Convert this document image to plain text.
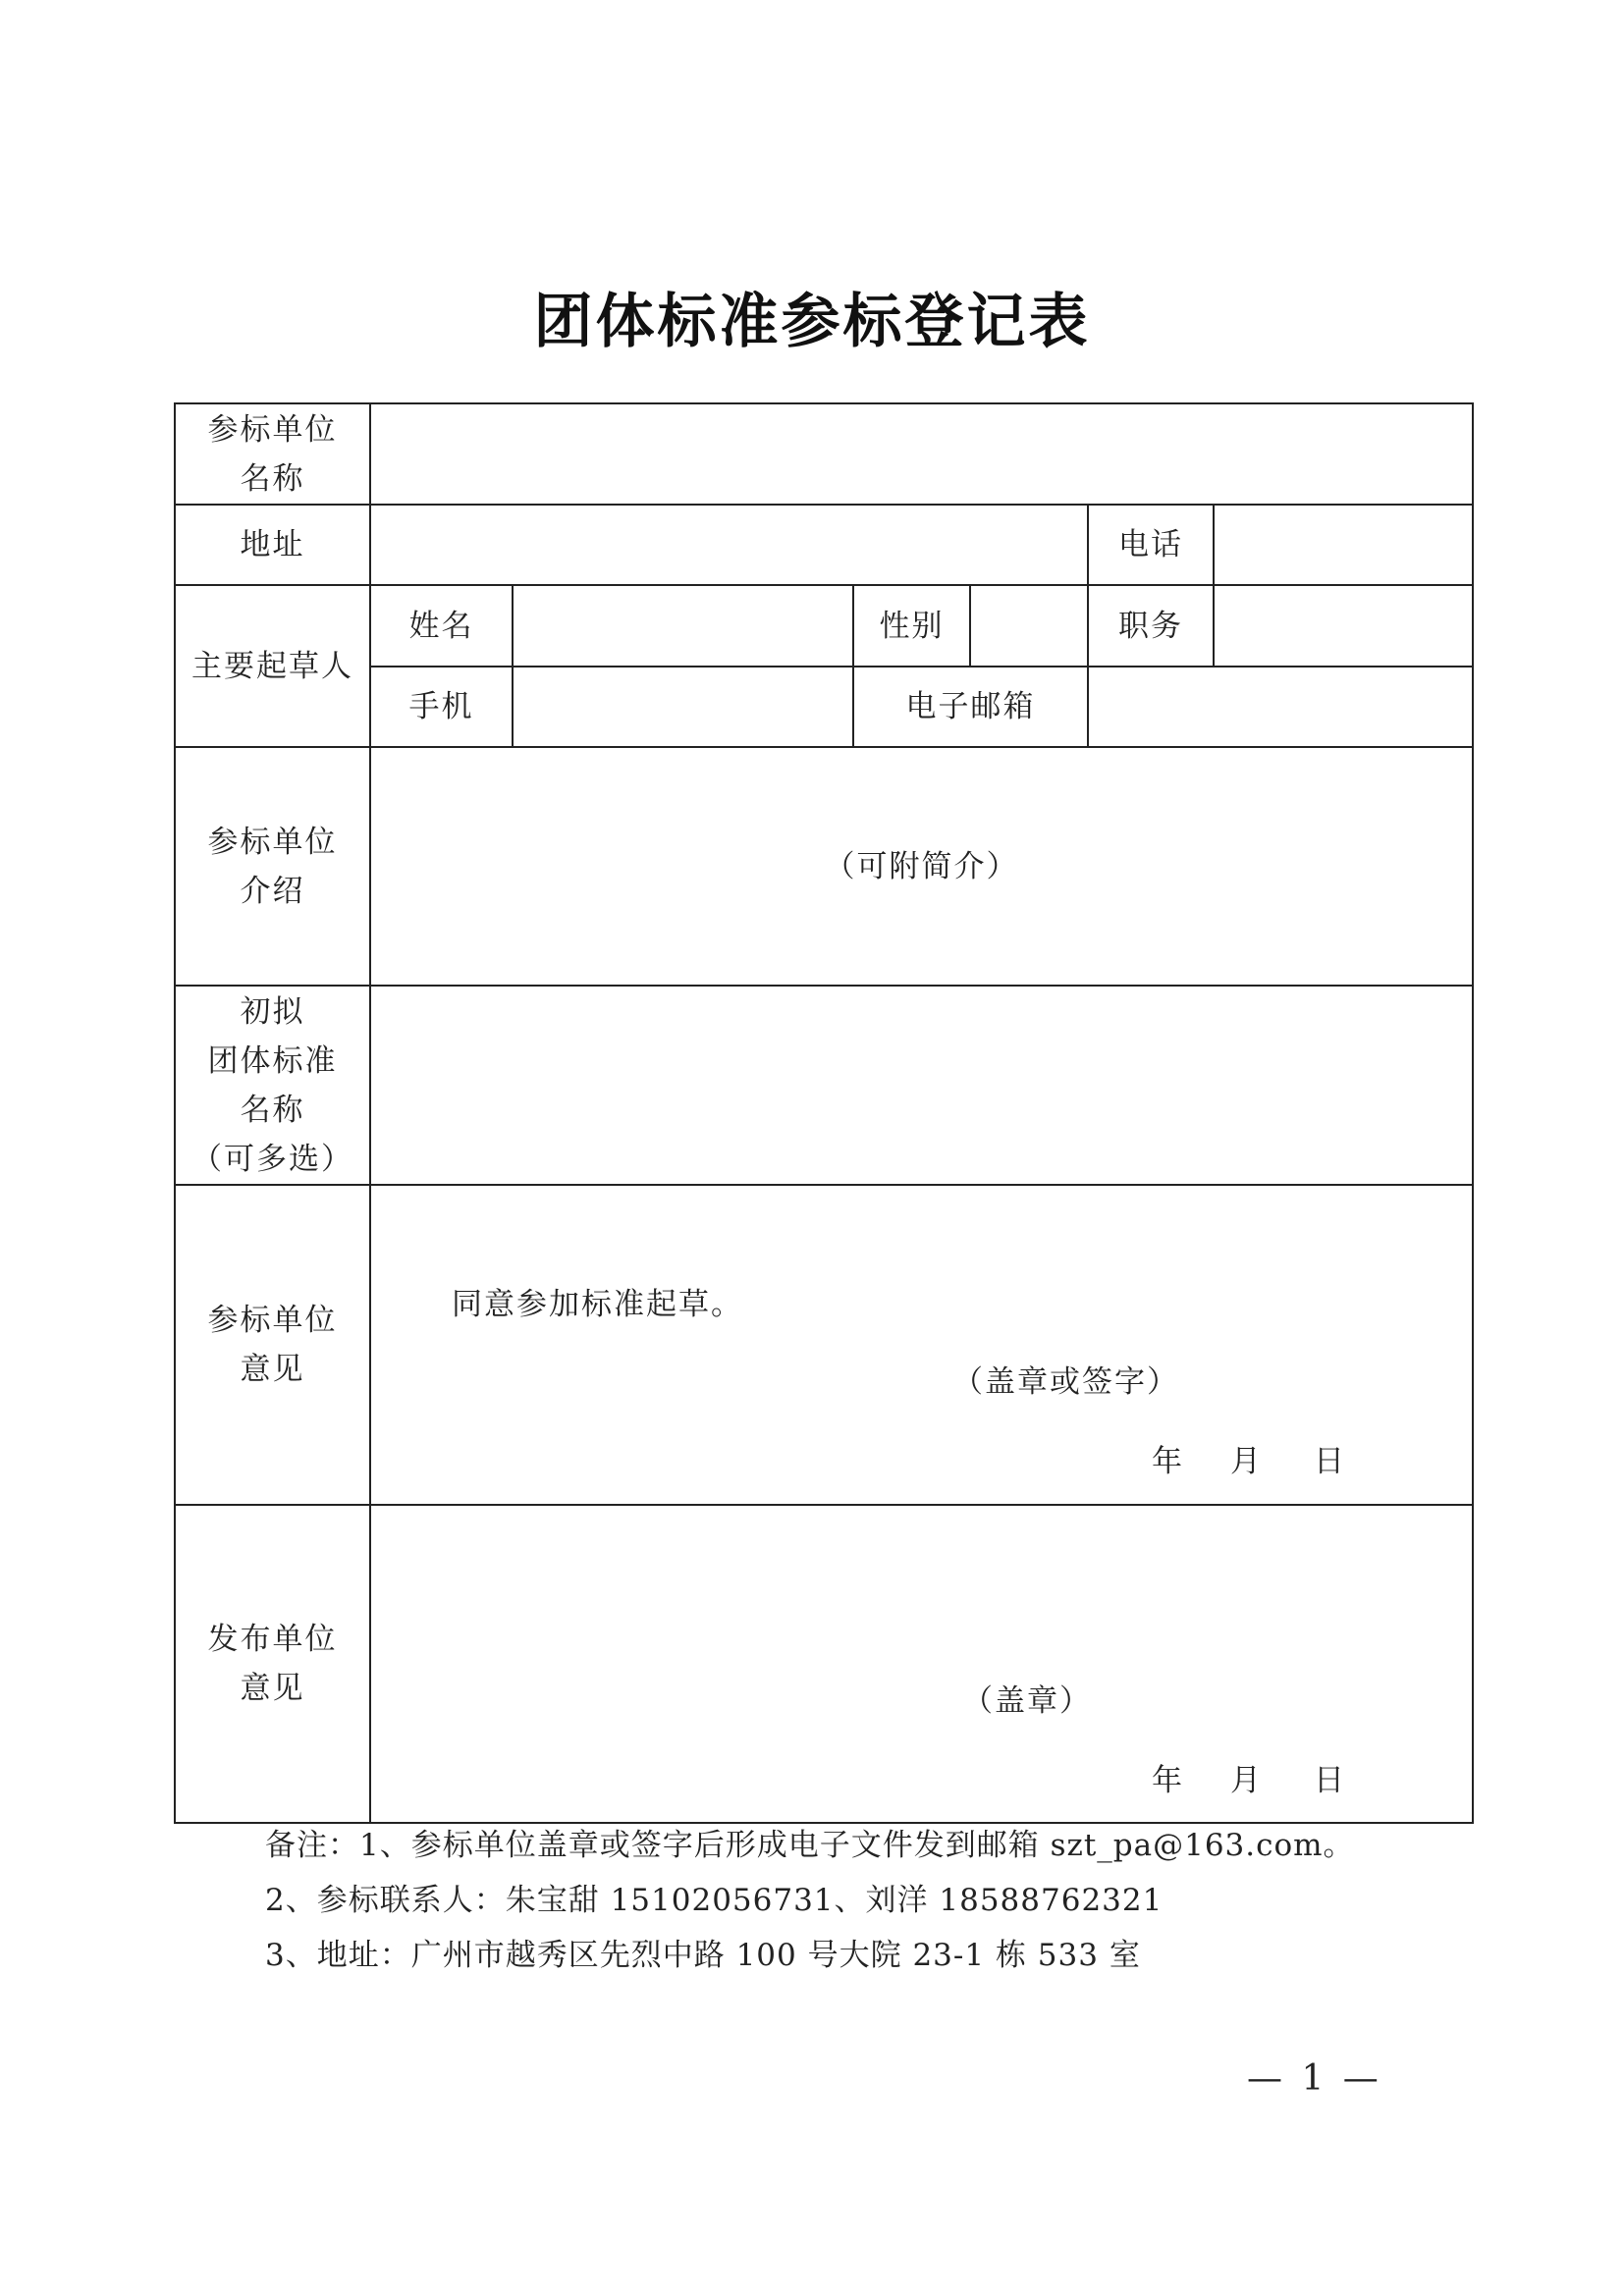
团体标准参标登记表
参标单位
名称						

地址					电话	
主要起草人	姓名		性别		职务	
	手机		电子邮箱			

参标单位
介绍	（可附简介）					

初拟
团体标准
名称
（可多选）						

参标单位
意见	同意参加标准起草。
（盖章或签字）
年 月 日					

发布单位
意见	（盖章）
年 月 日					

备注：1、参标单位盖章或签字后形成电子文件发到邮箱 szt_pa@163.com。

2、参标联系人：朱宝甜 15102056731、刘洋 18588762321

3、地址：广州市越秀区先烈中路 100 号大院 23-1 栋 533 室

— 1 —
